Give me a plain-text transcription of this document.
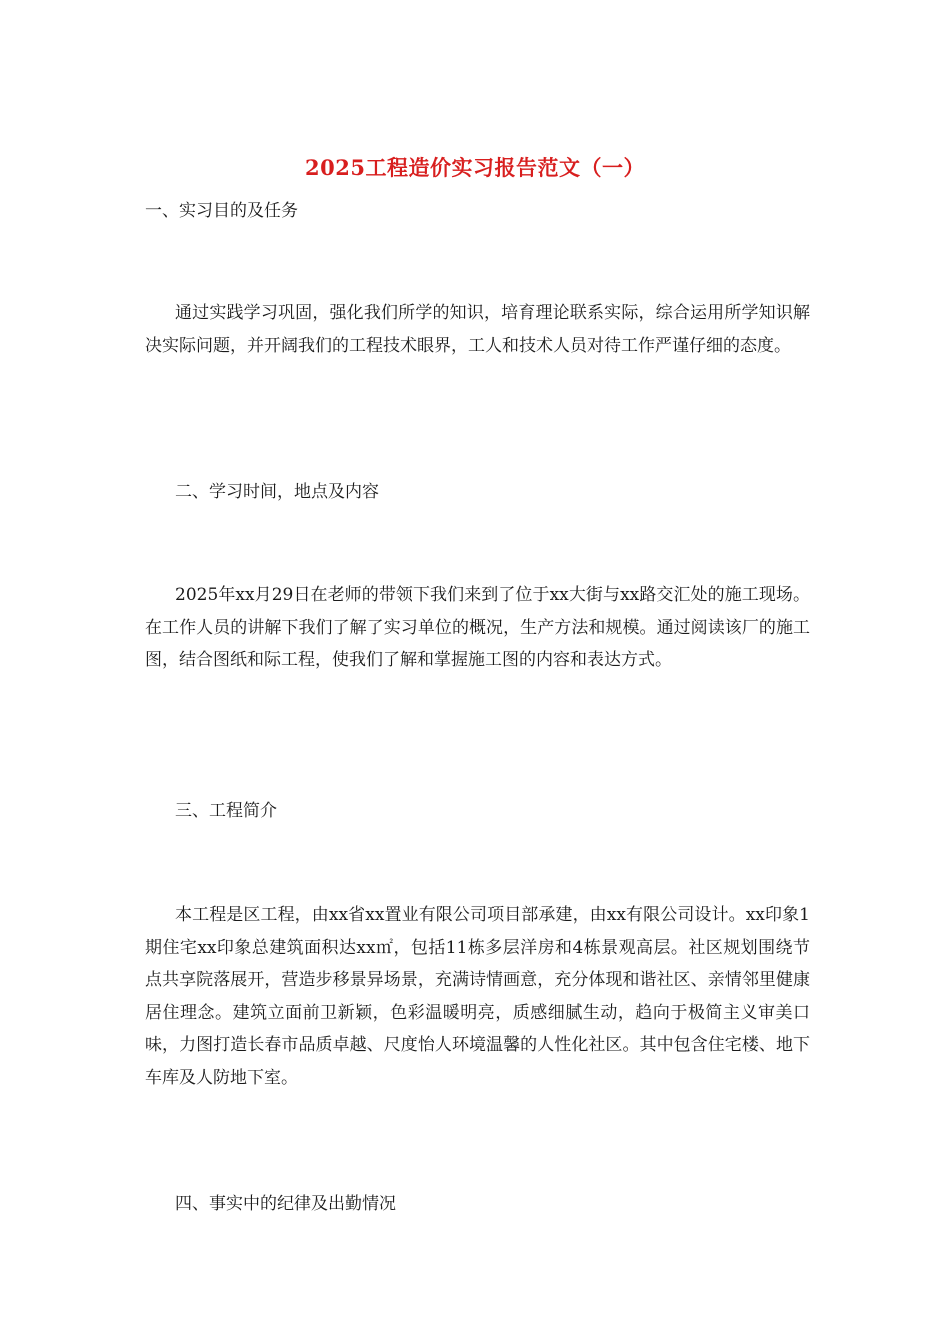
2025工程造价实习报告范文（一）
一、实习目的及任务
通过实践学习巩固，强化我们所学的知识，培育理论联系实际，综合运用所学知识解决实际问题，并开阔我们的工程技术眼界，工人和技术人员对待工作严谨仔细的态度。
二、学习时间，地点及内容
2025年xx月29日在老师的带领下我们来到了位于xx大街与xx路交汇处的施工现场。在工作人员的讲解下我们了解了实习单位的概况，生产方法和规模。通过阅读该厂的施工图，结合图纸和际工程，使我们了解和掌握施工图的内容和表达方式。
三、工程简介
本工程是区工程，由xx省xx置业有限公司项目部承建，由xx有限公司设计。xx印象1期住宅xx印象总建筑面积达xx㎡，包括11栋多层洋房和4栋景观高层。社区规划围绕节点共享院落展开，营造步移景异场景，充满诗情画意，充分体现和谐社区、亲情邻里健康居住理念。建筑立面前卫新颖，色彩温暖明亮，质感细腻生动，趋向于极简主义审美口味，力图打造长春市品质卓越、尺度怡人环境温馨的人性化社区。其中包含住宅楼、地下车库及人防地下室。
四、事实中的纪律及出勤情况
